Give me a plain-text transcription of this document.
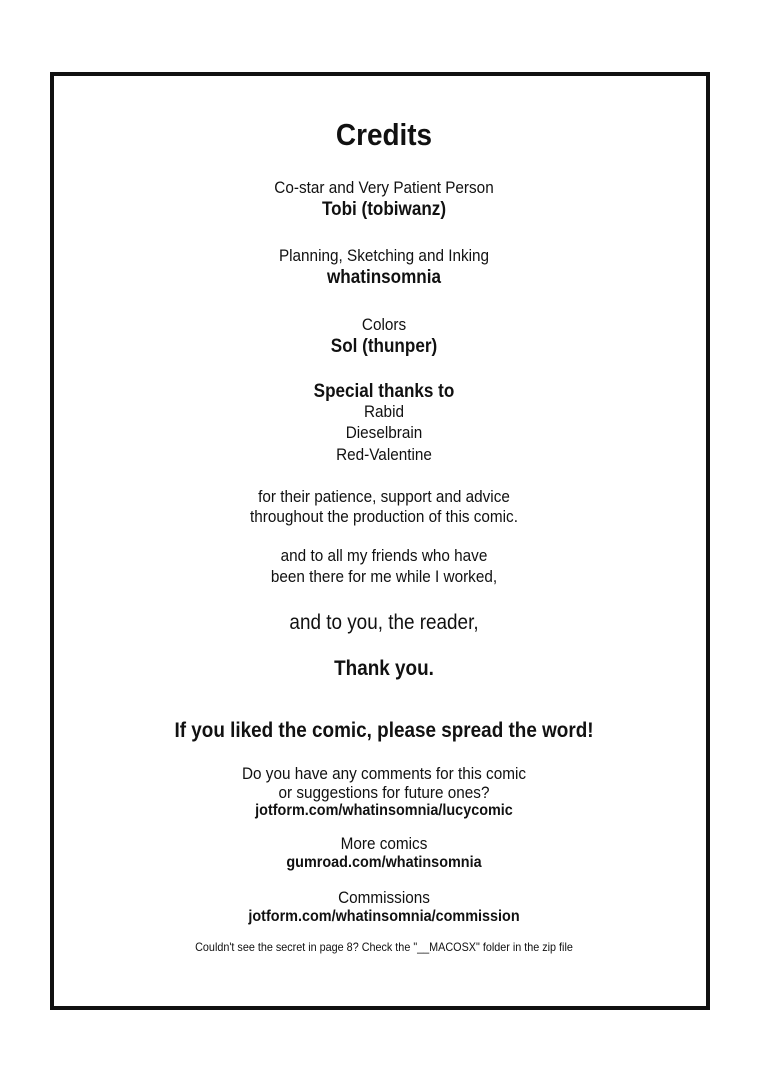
Credits
Co-star and Very Patient Person
Tobi (tobiwanz)
Planning, Sketching and Inking
whatinsomnia
Colors
Sol (thunper)
Special thanks to
Rabid
Dieselbrain
Red-Valentine
for their patience, support and advice
throughout the production of this comic.
and to all my friends who have
been there for me while I worked,
and to you, the reader,
Thank you.
If you liked the comic, please spread the word!
Do you have any comments for this comic
or suggestions for future ones?
jotform.com/whatinsomnia/lucycomic
More comics
gumroad.com/whatinsomnia
Commissions
jotform.com/whatinsomnia/commission
Couldn't see the secret in page 8? Check the "__MACOSX" folder in the zip file
